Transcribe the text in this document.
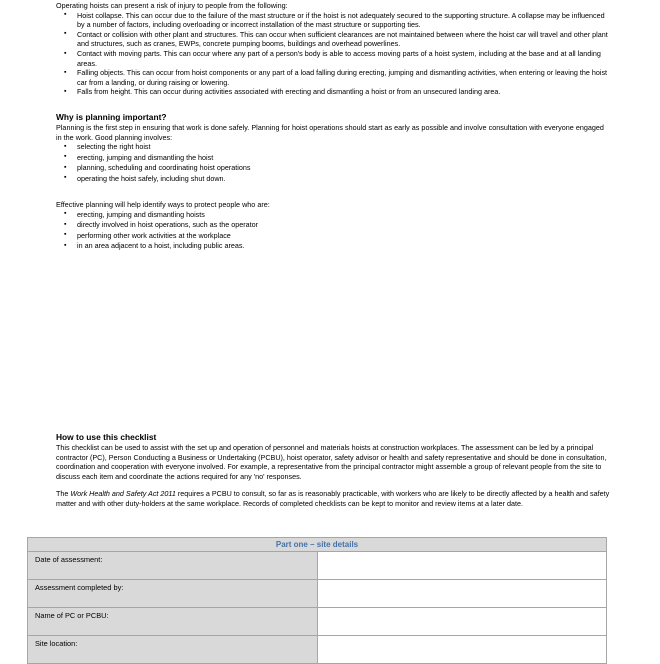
Operating hoists can present a risk of injury to people from the following:

▪ Hoist collapse. This can occur due to the failure of the mast structure or if the hoist is not adequately secured to the supporting structure. A collapse may be influenced by a number of factors, including overloading or incorrect installation of the mast structure or supporting ties.
▪ Contact or collision with other plant and structures. This can occur when sufficient clearances are not maintained between where the hoist car will travel and other plant and structures, such as cranes, EWPs, concrete pumping booms, buildings and overhead powerlines.
▪ Contact with moving parts. This can occur where any part of a person's body is able to access moving parts of a hoist system, including at the base and at all landing areas.
▪ Falling objects. This can occur from hoist components or any part of a load falling during erecting, jumping and dismantling activities, when entering or leaving the hoist car from a landing, or during raising or lowering.
▪ Falls from height. This can occur during activities associated with erecting and dismantling a hoist or from an unsecured landing area.
Why is planning important?

Planning is the first step in ensuring that work is done safely. Planning for hoist operations should start as early as possible and involve consultation with everyone engaged in the work. Good planning involves:

▪ selecting the right hoist
▪ erecting, jumping and dismantling the hoist
▪ planning, scheduling and coordinating hoist operations
▪ operating the hoist safely, including shut down.

Effective planning will help identify ways to protect people who are:

▪ erecting, jumping and dismantling hoists
▪ directly involved in hoist operations, such as the operator
▪ performing other work activities at the workplace
▪ in an area adjacent to a hoist, including public areas.
How to use this checklist

This checklist can be used to assist with the set up and operation of personnel and materials hoists at construction workplaces. The assessment can be led by a principal contractor (PC), Person Conducting a Business or Undertaking (PCBU), hoist operator, safety advisor or health and safety representative and should be done in consultation, coordination and cooperation with everyone involved. For example, a representative from the principal contractor might assemble a group of relevant people from the site to discuss each item and coordinate the actions required for any 'no' responses.

The Work Health and Safety Act 2011 requires a PCBU to consult, so far as is reasonably practicable, with workers who are likely to be directly affected by a health and safety matter and with other duty-holders at the same workplace. Records of completed checklists can be kept to monitor and review items at a later date.

Part one – site details	
Date of assessment:	
Assessment completed by:	
Name of PC or PCBU:	
Site location:	
